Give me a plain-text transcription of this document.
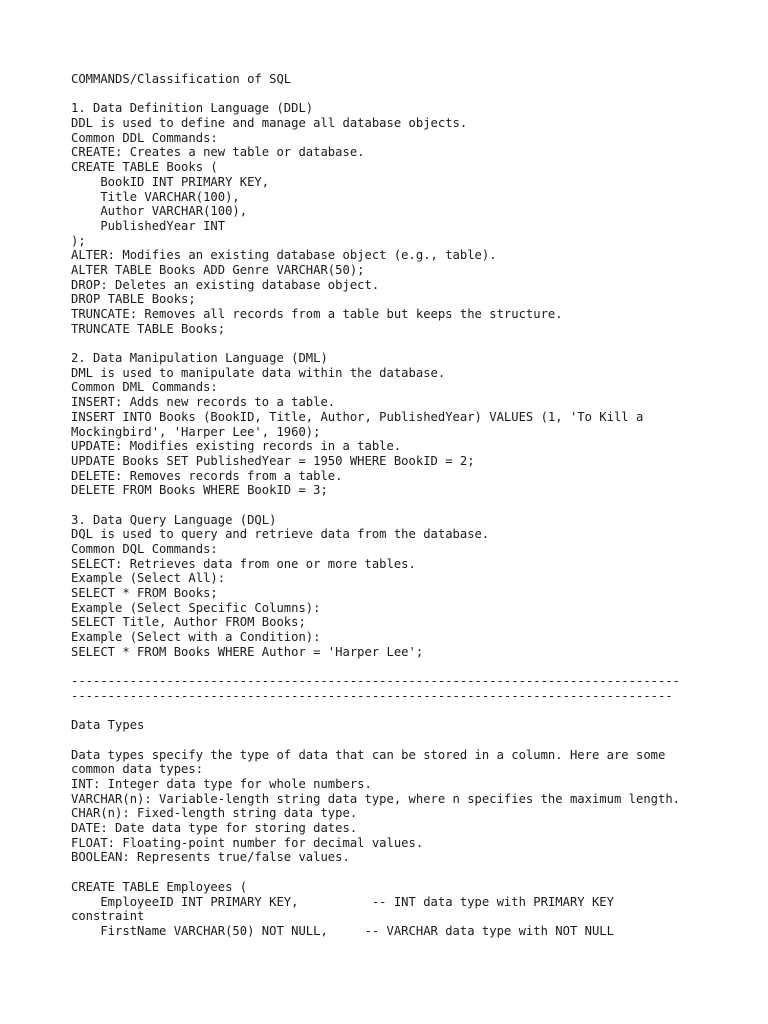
COMMANDS/Classification of SQL
1. Data Definition Language (DDL)
DDL is used to define and manage all database objects.
Common DDL Commands:
CREATE: Creates a new table or database.
CREATE TABLE Books (
BookID INT PRIMARY KEY,
Title VARCHAR(100),
Author VARCHAR(100),
PublishedYear INT
);
ALTER: Modifies an existing database object (e.g., table).
ALTER TABLE Books ADD Genre VARCHAR(50);
DROP: Deletes an existing database object.
DROP TABLE Books;
TRUNCATE: Removes all records from a table but keeps the structure.
TRUNCATE TABLE Books;
2. Data Manipulation Language (DML)
DML is used to manipulate data within the database.
Common DML Commands:
INSERT: Adds new records to a table.
INSERT INTO Books (BookID, Title, Author, PublishedYear) VALUES (1, 'To Kill a
Mockingbird', 'Harper Lee', 1960);
UPDATE: Modifies existing records in a table.
UPDATE Books SET PublishedYear = 1950 WHERE BookID = 2;
DELETE: Removes records from a table.
DELETE FROM Books WHERE BookID = 3;
3. Data Query Language (DQL)
DQL is used to query and retrieve data from the database.
Common DQL Commands:
SELECT: Retrieves data from one or more tables.
Example (Select All):
SELECT * FROM Books;
Example (Select Specific Columns):
SELECT Title, Author FROM Books;
Example (Select with a Condition):
SELECT * FROM Books WHERE Author = 'Harper Lee';
-----------------------------------------------------------------------------------
----------------------------------------------------------------------------------
Data Types
Data types specify the type of data that can be stored in a column. Here are some
common data types:
INT: Integer data type for whole numbers.
VARCHAR(n): Variable-length string data type, where n specifies the maximum length.
CHAR(n): Fixed-length string data type.
DATE: Date data type for storing dates.
FLOAT: Floating-point number for decimal values.
BOOLEAN: Represents true/false values.
CREATE TABLE Employees (
EmployeeID INT PRIMARY KEY,          -- INT data type with PRIMARY KEY
constraint
FirstName VARCHAR(50) NOT NULL,     -- VARCHAR data type with NOT NULL
